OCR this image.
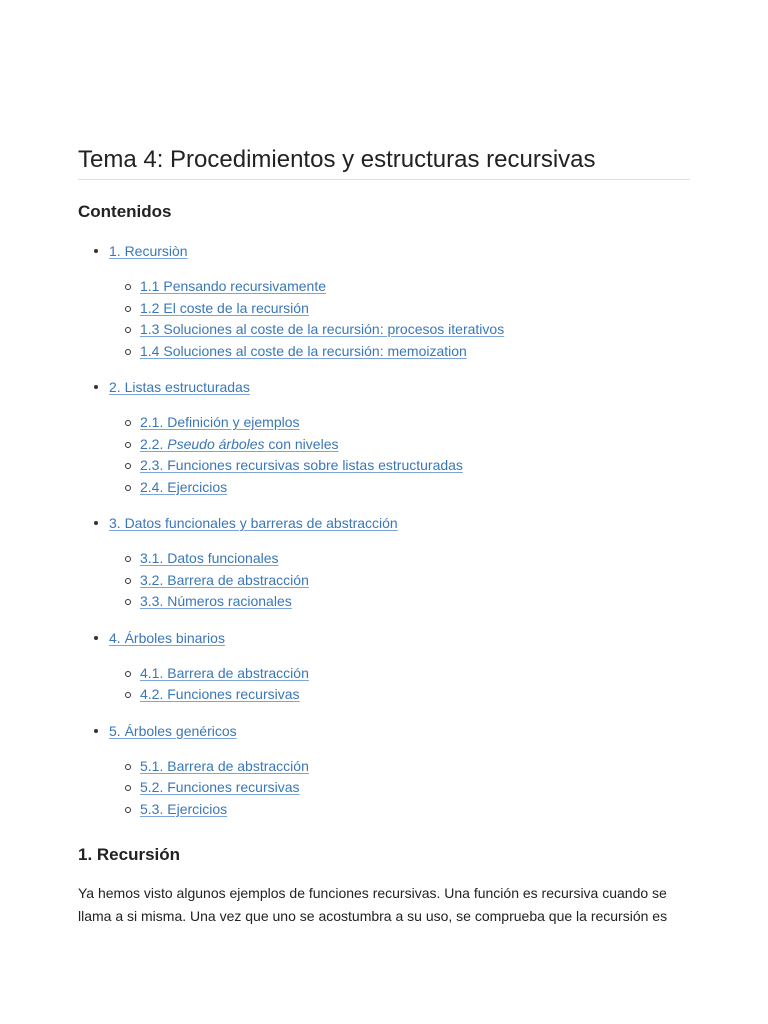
Tema 4: Procedimientos y estructuras recursivas
Contenidos
1. Recursiòn
1.1 Pensando recursivamente
1.2 El coste de la recursión
1.3 Soluciones al coste de la recursión: procesos iterativos
1.4 Soluciones al coste de la recursión: memoization
2. Listas estructuradas
2.1. Definición y ejemplos
2.2. Pseudo árboles con niveles
2.3. Funciones recursivas sobre listas estructuradas
2.4. Ejercicios
3. Datos funcionales y barreras de abstracción
3.1. Datos funcionales
3.2. Barrera de abstracción
3.3. Números racionales
4. Árboles binarios
4.1. Barrera de abstracción
4.2. Funciones recursivas
5. Árboles genéricos
5.1. Barrera de abstracción
5.2. Funciones recursivas
5.3. Ejercicios
1. Recursión

Ya hemos visto algunos ejemplos de funciones recursivas. Una función es recursiva cuando se
llama a si misma. Una vez que uno se acostumbra a su uso, se comprueba que la recursión es
